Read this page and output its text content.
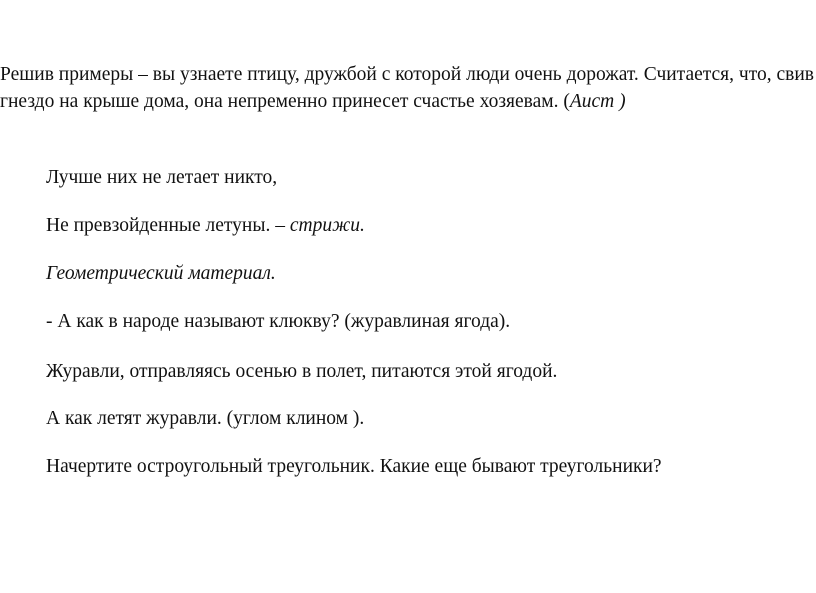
Решив примеры – вы узнаете птицу, дружбой с которой люди очень дорожат. Считается, что, свив гнездо на крыше дома, она непременно принесет счастье хозяевам. (Аист )

Лучше них не летает никто,

Не превзойденные летуны. – стрижи.

Геометрический материал.

- А как в народе называют клюкву? (журавлиная ягода).

Журавли, отправляясь осенью в полет, питаются этой ягодой.

А как летят журавли. (углом клином ).

Начертите остроугольный треугольник. Какие еще бывают треугольники?
